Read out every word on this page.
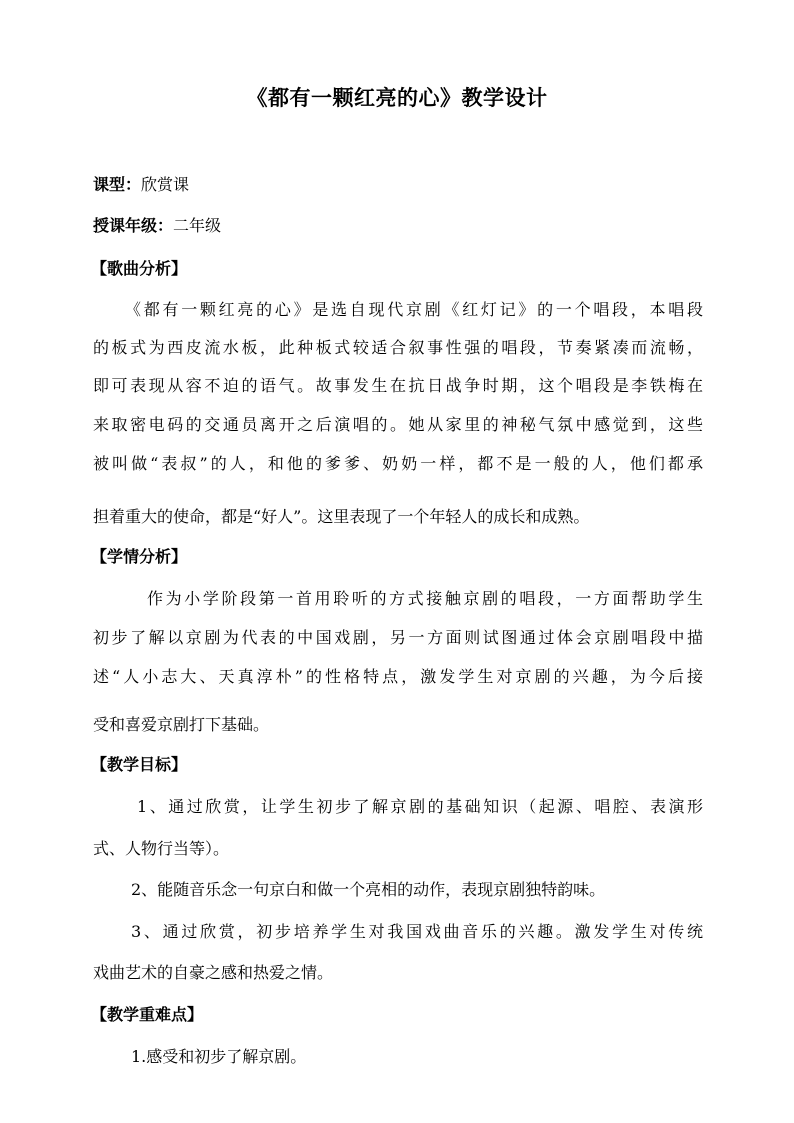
《都有一颗红亮的心》教学设计
课型：欣赏课
授课年级：二年级
【歌曲分析】
《都有一颗红亮的心》是选自现代京剧《红灯记》的一个唱段，本唱段
的板式为西皮流水板，此种板式较适合叙事性强的唱段，节奏紧凑而流畅，
即可表现从容不迫的语气。故事发生在抗日战争时期，这个唱段是李铁梅在
来取密电码的交通员离开之后演唱的。她从家里的神秘气氛中感觉到，这些
被叫做“表叔”的人，和他的爹爹、奶奶一样，都不是一般的人，他们都承
担着重大的使命，都是“好人”。这里表现了一个年轻人的成长和成熟。
【学情分析】
作为小学阶段第一首用聆听的方式接触京剧的唱段，一方面帮助学生
初步了解以京剧为代表的中国戏剧，另一方面则试图通过体会京剧唱段中描
述“人小志大、天真淳朴”的性格特点，激发学生对京剧的兴趣，为今后接
受和喜爱京剧打下基础。
【教学目标】
1、通过欣赏，让学生初步了解京剧的基础知识（起源、唱腔、表演形
式、人物行当等）。
2、能随音乐念一句京白和做一个亮相的动作，表现京剧独特韵味。
3、通过欣赏，初步培养学生对我国戏曲音乐的兴趣。激发学生对传统
戏曲艺术的自豪之感和热爱之情。
【教学重难点】
1.感受和初步了解京剧。
